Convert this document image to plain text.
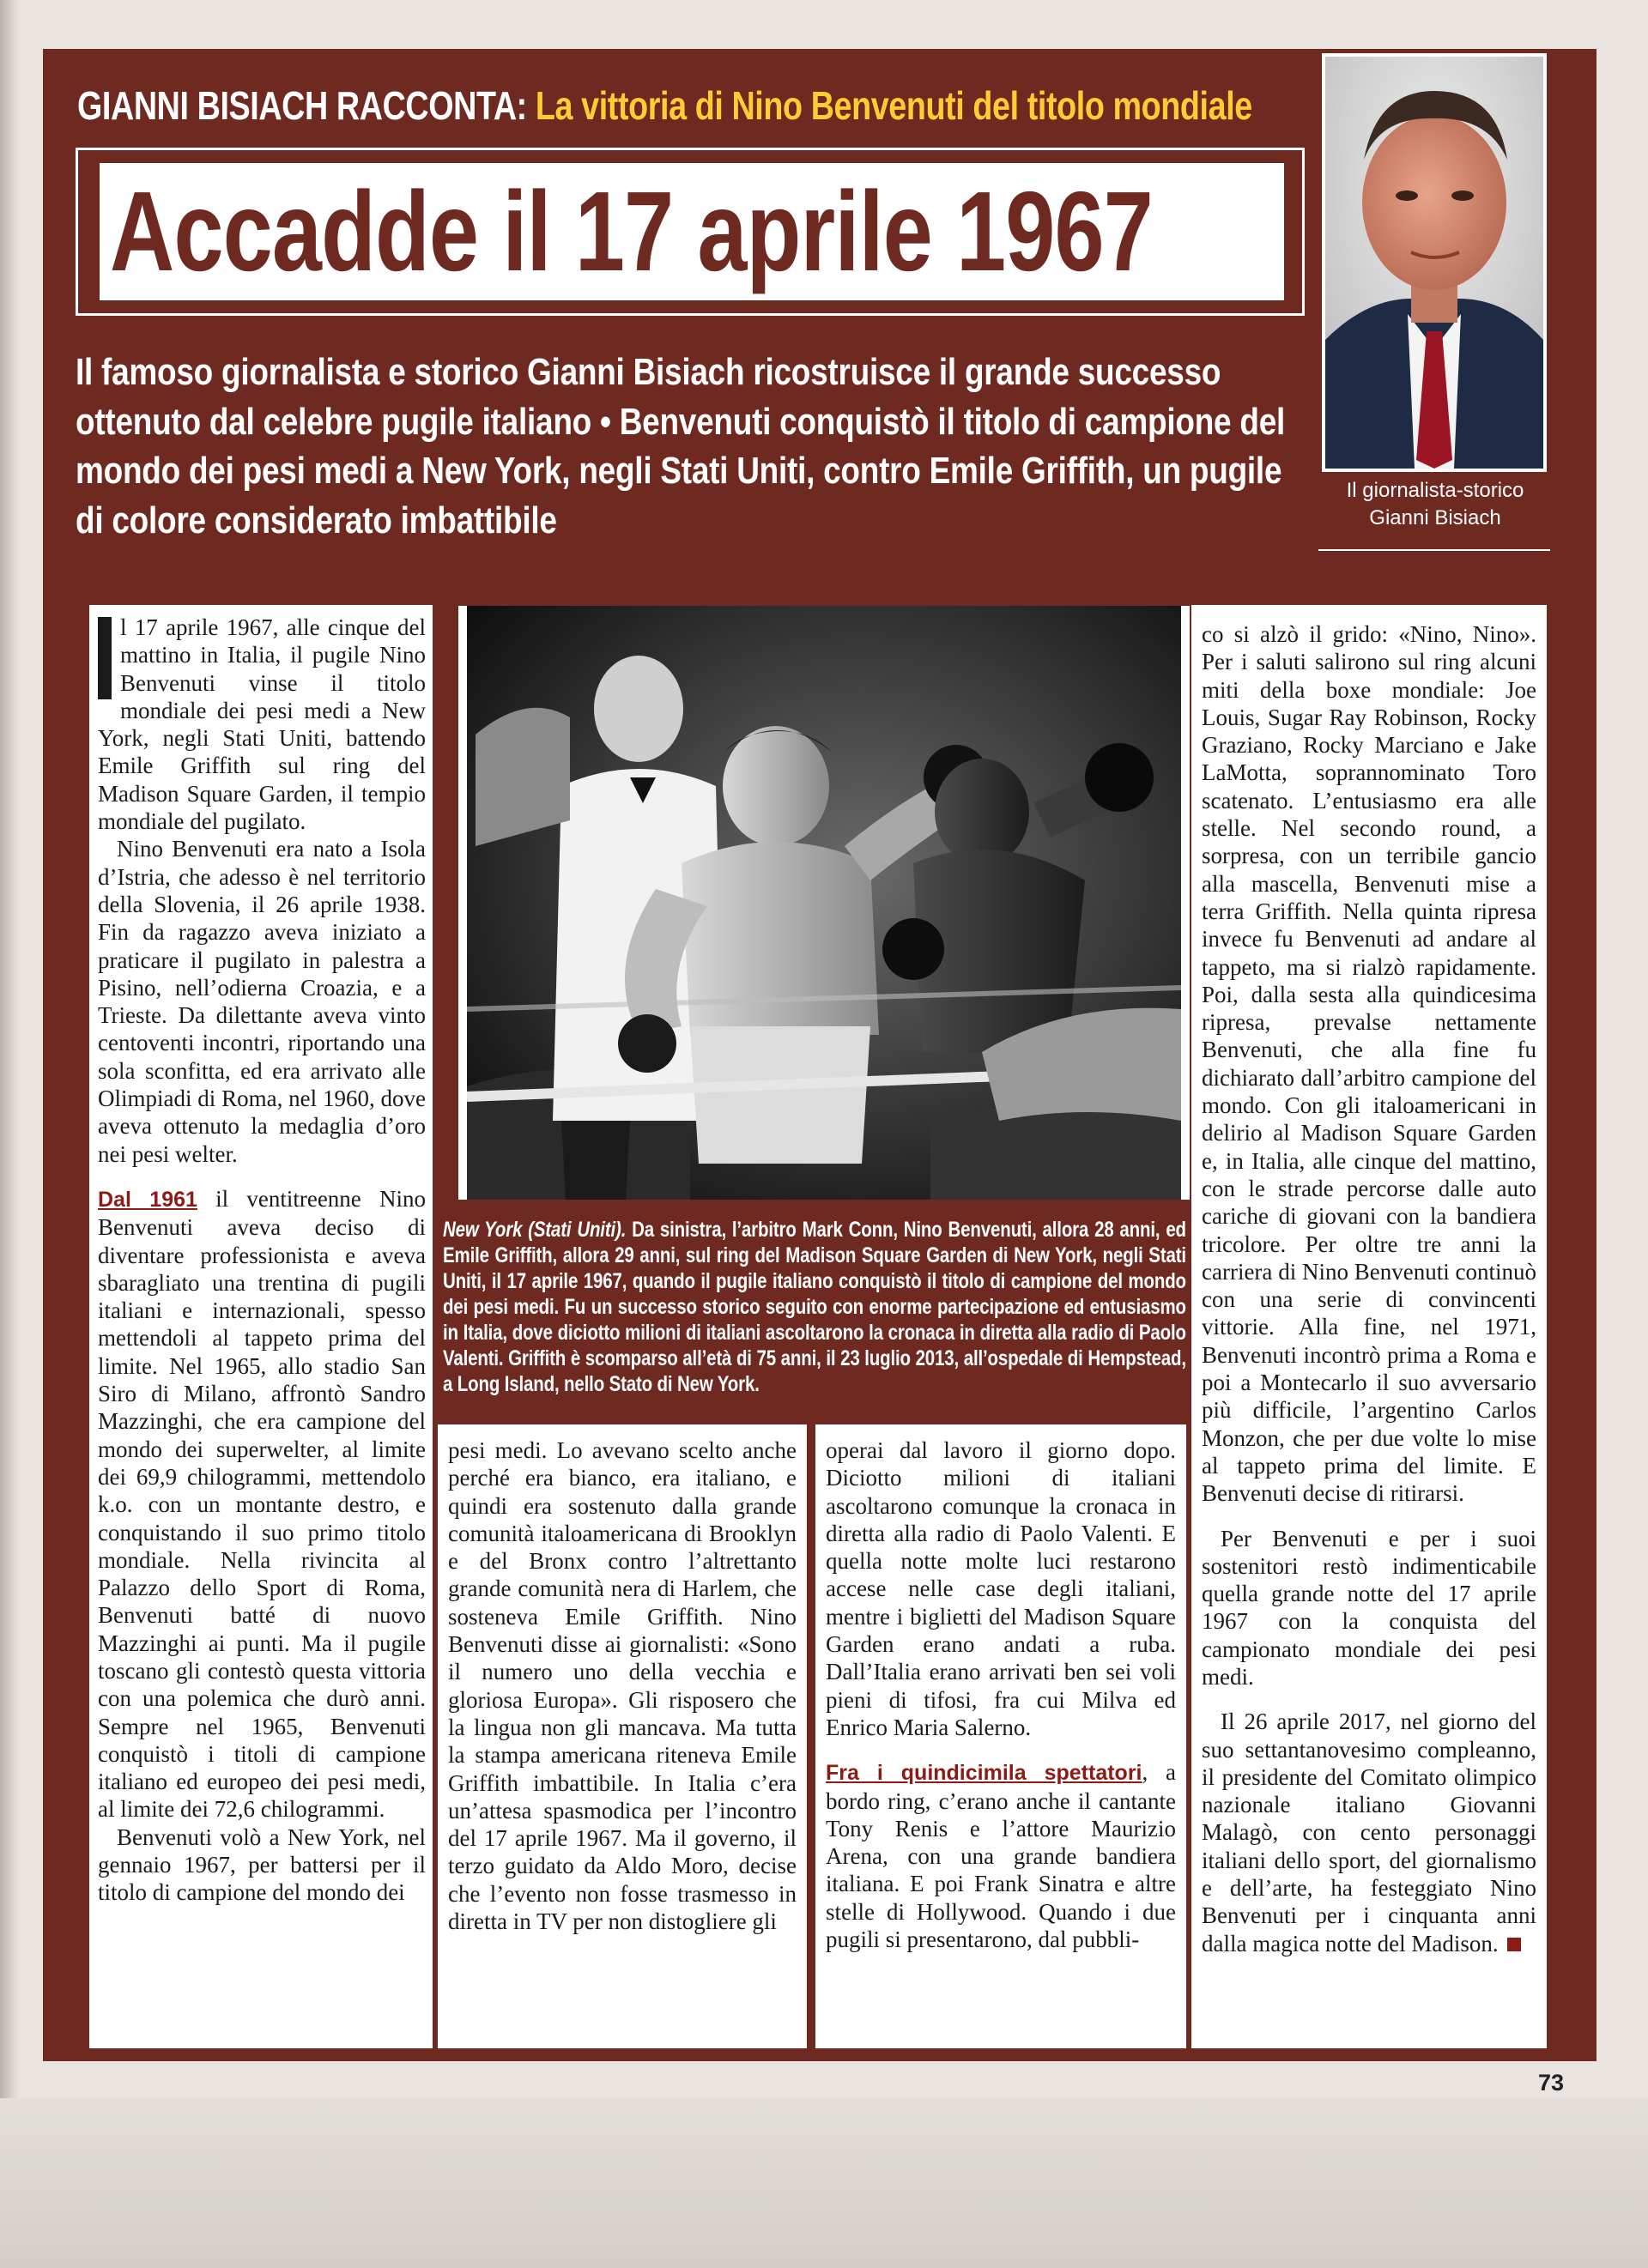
GIANNI BISIACH RACCONTA: La vittoria di Nino Benvenuti del titolo mondiale
Accadde il 17 aprile 1967
Il giornalista-storico
Gianni Bisiach
Il famoso giornalista e storico Gianni Bisiach ricostruisce il grande successo ottenuto dal celebre pugile italiano • Benvenuti conquistò il titolo di campione del mondo dei pesi medi a New York, negli Stati Uniti, contro Emile Griffith, un pugile di colore considerato imbattibile

l 17 aprile 1967, alle cinque del mattino in Italia, il pugile Nino Benvenuti vinse il titolo mondiale dei pesi medi a New York, negli Stati Uniti, battendo Emile Griffith sul ring del Madison Square Garden, il tempio mondiale del pugilato.

Nino Benvenuti era nato a Isola d’Istria, che adesso è nel territorio della Slovenia, il 26 aprile 1938. Fin da ragazzo aveva iniziato a praticare il pugilato in palestra a Pisino, nell’odierna Croazia, e a Trieste. Da dilettante aveva vinto centoventi incontri, riportando una sola sconfitta, ed era arrivato alle Olimpiadi di Roma, nel 1960, dove aveva ottenuto la medaglia d’oro nei pesi welter.

Dal 1961 il ventitreenne Nino Benvenuti aveva deciso di diventare professionista e aveva sbaragliato una trentina di pugili italiani e internazionali, spesso mettendoli al tappeto prima del limite. Nel 1965, allo stadio San Siro di Milano, affrontò Sandro Mazzinghi, che era campione del mondo dei superwelter, al limite dei 69,9 chilogrammi, mettendolo k.o. con un montante destro, e conquistando il suo primo titolo mondiale. Nella rivincita al Palazzo dello Sport di Roma, Benvenuti batté di nuovo Mazzinghi ai punti. Ma il pugile toscano gli contestò questa vittoria con una polemica che durò anni. Sempre nel 1965, Benvenuti conquistò i titoli di campione italiano ed europeo dei pesi medi, al limite dei 72,6 chilogrammi.

Benvenuti volò a New York, nel gennaio 1967, per battersi per il titolo di campione del mondo dei

New York (Stati Uniti). Da sinistra, l’arbitro Mark Conn, Nino Benvenuti, allora 28 anni, ed Emile Griffith, allora 29 anni, sul ring del Madison Square Garden di New York, negli Stati Uniti, il 17 aprile 1967, quando il pugile italiano conquistò il titolo di campione del mondo dei pesi medi. Fu un successo storico seguito con enorme partecipazione ed entusiasmo in Italia, dove diciotto milioni di italiani ascoltarono la cronaca in diretta alla radio di Paolo Valenti. Griffith è scomparso all’età di 75 anni, il 23 luglio 2013, all’ospedale di Hempstead, a Long Island, nello Stato di New York.

pesi medi. Lo avevano scelto anche perché era bianco, era italiano, e quindi era sostenuto dalla grande comunità italoamericana di Brooklyn e del Bronx contro l’altrettanto grande comunità nera di Harlem, che sosteneva Emile Griffith. Nino Benvenuti disse ai giornalisti: «Sono il numero uno della vecchia e gloriosa Europa». Gli risposero che la lingua non gli mancava. Ma tutta la stampa americana riteneva Emile Griffith imbattibile. In Italia c’era un’attesa spasmodica per l’incontro del 17 aprile 1967. Ma il governo, il terzo guidato da Aldo Moro, decise che l’evento non fosse trasmesso in diretta in TV per non distogliere gli

operai dal lavoro il giorno dopo. Diciotto milioni di italiani ascoltarono comunque la cronaca in diretta alla radio di Paolo Valenti. E quella notte molte luci restarono accese nelle case degli italiani, mentre i biglietti del Madison Square Garden erano andati a ruba. Dall’Italia erano arrivati ben sei voli pieni di tifosi, fra cui Milva ed Enrico Maria Salerno.

Fra i quindicimila spettatori, a bordo ring, c’erano anche il cantante Tony Renis e l’attore Maurizio Arena, con una grande bandiera italiana. E poi Frank Sinatra e altre stelle di Hollywood. Quando i due pugili si presentarono, dal pubbli-

co si alzò il grido: «Nino, Nino». Per i saluti salirono sul ring alcuni miti della boxe mondiale: Joe Louis, Sugar Ray Robinson, Rocky Graziano, Rocky Marciano e Jake LaMotta, soprannominato Toro scatenato. L’entusiasmo era alle stelle. Nel secondo round, a sorpresa, con un terribile gancio alla mascella, Benvenuti mise a terra Griffith. Nella quinta ripresa invece fu Benvenuti ad andare al tappeto, ma si rialzò rapidamente. Poi, dalla sesta alla quindicesima ripresa, prevalse nettamente Benvenuti, che alla fine fu dichiarato dall’arbitro campione del mondo. Con gli italoamericani in delirio al Madison Square Garden e, in Italia, alle cinque del mattino, con le strade percorse dalle auto cariche di giovani con la bandiera tricolore. Per oltre tre anni la carriera di Nino Benvenuti continuò con una serie di convincenti vittorie. Alla fine, nel 1971, Benvenuti incontrò prima a Roma e poi a Montecarlo il suo avversario più difficile, l’argentino Carlos Monzon, che per due volte lo mise al tappeto prima del limite. E Benvenuti decise di ritirarsi.

Per Benvenuti e per i suoi sostenitori restò indimenticabile quella grande notte del 17 aprile 1967 con la conquista del campionato mondiale dei pesi medi.

Il 26 aprile 2017, nel giorno del suo settantanovesimo compleanno, il presidente del Comitato olimpico nazionale italiano Giovanni Malagò, con cento personaggi italiani dello sport, del giornalismo e dell’arte, ha festeggiato Nino Benvenuti per i cinquanta anni dalla magica notte del Madison.

73
